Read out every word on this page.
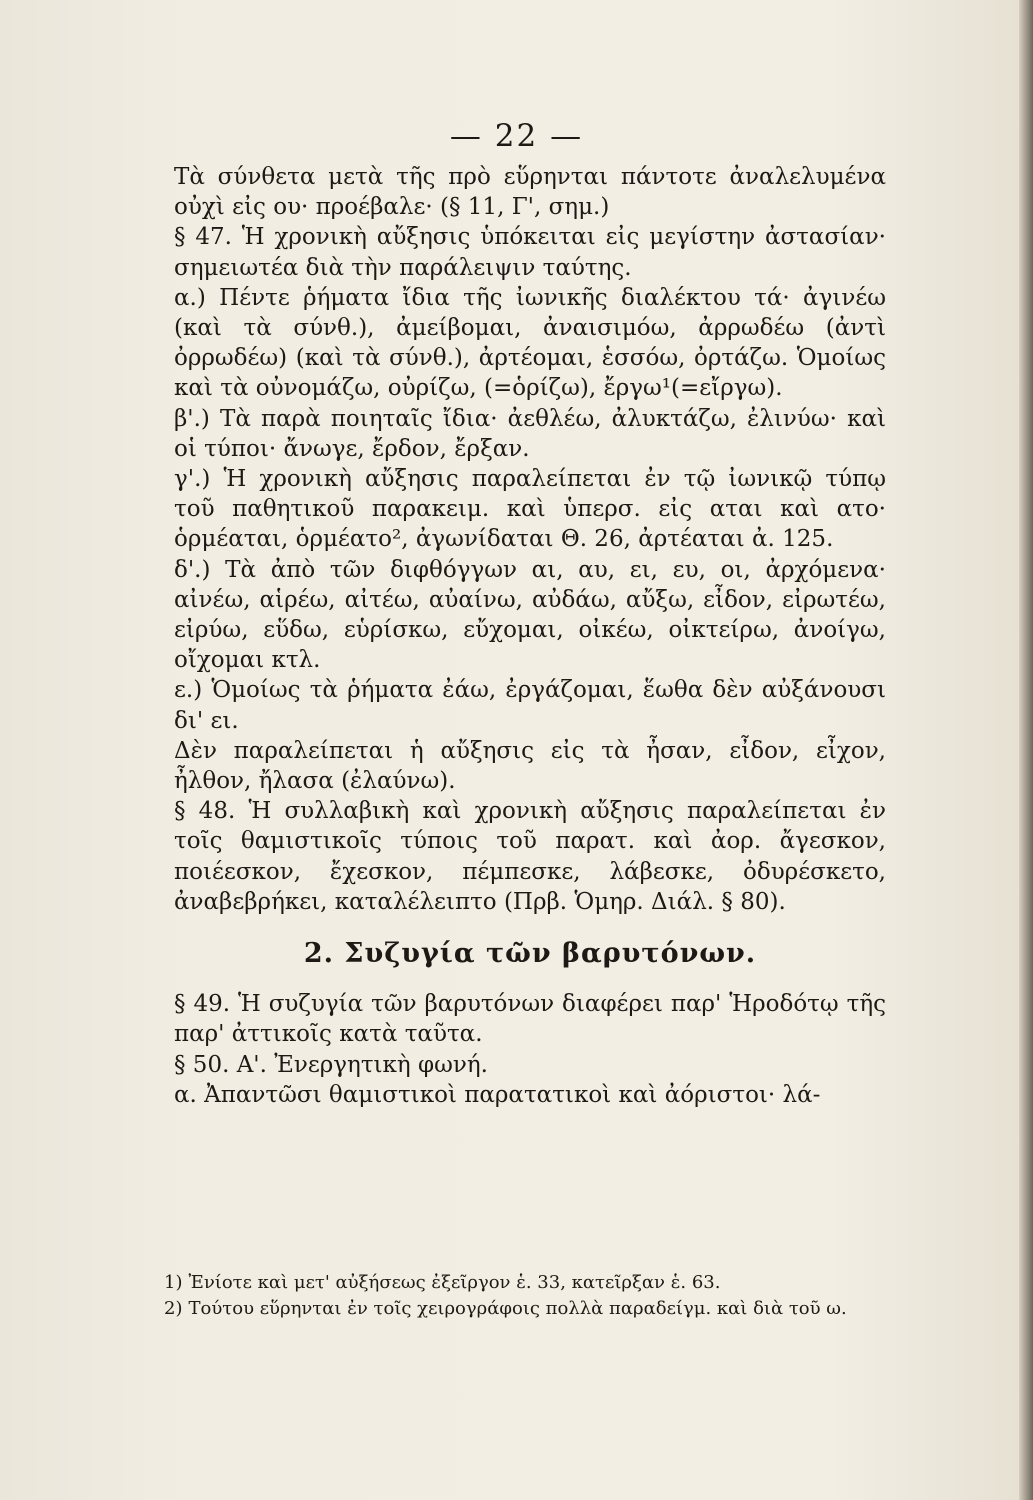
— 22 —

Τὰ σύνθετα μετὰ τῆς πρὸ εὕρηνται πάντοτε ἀναλελυμένα οὐχὶ εἰς ου· προέβαλε· (§ 11, Γ', σημ.)

§ 47. Ἡ χρονικὴ αὔξησις ὑπόκειται εἰς μεγίστην ἀστασίαν· σημειωτέα διὰ τὴν παράλειψιν ταύτης.

α.) Πέντε ῥήματα ἴδια τῆς ἰωνικῆς διαλέκτου τά· ἀγινέω (καὶ τὰ σύνθ.), ἀμείβομαι, ἀναισιμόω, ἀρρωδέω (ἀντὶ ὀρρωδέω) (καὶ τὰ σύνθ.), ἀρτέομαι, ἑσσόω, ὀρτάζω. Ὁμοίως καὶ τὰ οὐνομάζω, οὐρίζω, (=ὁρίζω), ἔργω¹(=εἴργω).

β'.) Τὰ παρὰ ποιηταῖς ἴδια· ἀεθλέω, ἀλυκτάζω, ἐλινύω· καὶ οἱ τύποι· ἄνωγε, ἔρδον, ἔρξαν.

γ'.) Ἡ χρονικὴ αὔξησις παραλείπεται ἐν τῷ ἰωνικῷ τύπῳ τοῦ παθητικοῦ παρακειμ. καὶ ὑπερσ. εἰς αται καὶ ατο· ὁρμέαται, ὁρμέατο², ἀγωνίδαται Θ. 26, ἀρτέαται ἀ. 125.

δ'.) Τὰ ἀπὸ τῶν διφθόγγων αι, αυ, ει, ευ, οι, ἀρχόμενα· αἰνέω, αἱρέω, αἰτέω, αὐαίνω, αὐδάω, αὔξω, εἶδον, εἰρωτέω, εἰρύω, εὕδω, εὑρίσκω, εὔχομαι, οἰκέω, οἰκτείρω, ἀνοίγω, οἴχομαι κτλ.

ε.) Ὁμοίως τὰ ῥήματα ἐάω, ἐργάζομαι, ἕωθα δὲν αὐξάνουσι δι' ει.

Δὲν παραλείπεται ἡ αὔξησις εἰς τὰ ἦσαν, εἶδον, εἶχον, ἦλθον, ἤλασα (ἐλαύνω).

§ 48. Ἡ συλλαβικὴ καὶ χρονικὴ αὔξησις παραλείπεται ἐν τοῖς θαμιστικοῖς τύποις τοῦ παρατ. καὶ ἀορ. ἄγεσκον, ποιέεσκον, ἔχεσκον, πέμπεσκε, λάβεσκε, ὀδυρέσκετο, ἀναβεβρήκει, καταλέλειπτο (Πρβ. Ὁμηρ. Διάλ. § 80).

2. Συζυγία τῶν βαρυτόνων.

§ 49. Ἡ συζυγία τῶν βαρυτόνων διαφέρει παρ' Ἡροδότῳ τῆς παρ' ἀττικοῖς κατὰ ταῦτα.

§ 50. Α'. Ἐνεργητικὴ φωνή.

α. Ἀπαντῶσι θαμιστικοὶ παρατατικοὶ καὶ ἀόριστοι· λά-

1) Ἐνίοτε καὶ μετ' αὐξήσεως ἐξεῖργον ἑ. 33, κατεῖρξαν ἑ. 63.

2) Τούτου εὕρηνται ἐν τοῖς χειρογράφοις πολλὰ παραδείγμ. καὶ διὰ τοῦ ω.
